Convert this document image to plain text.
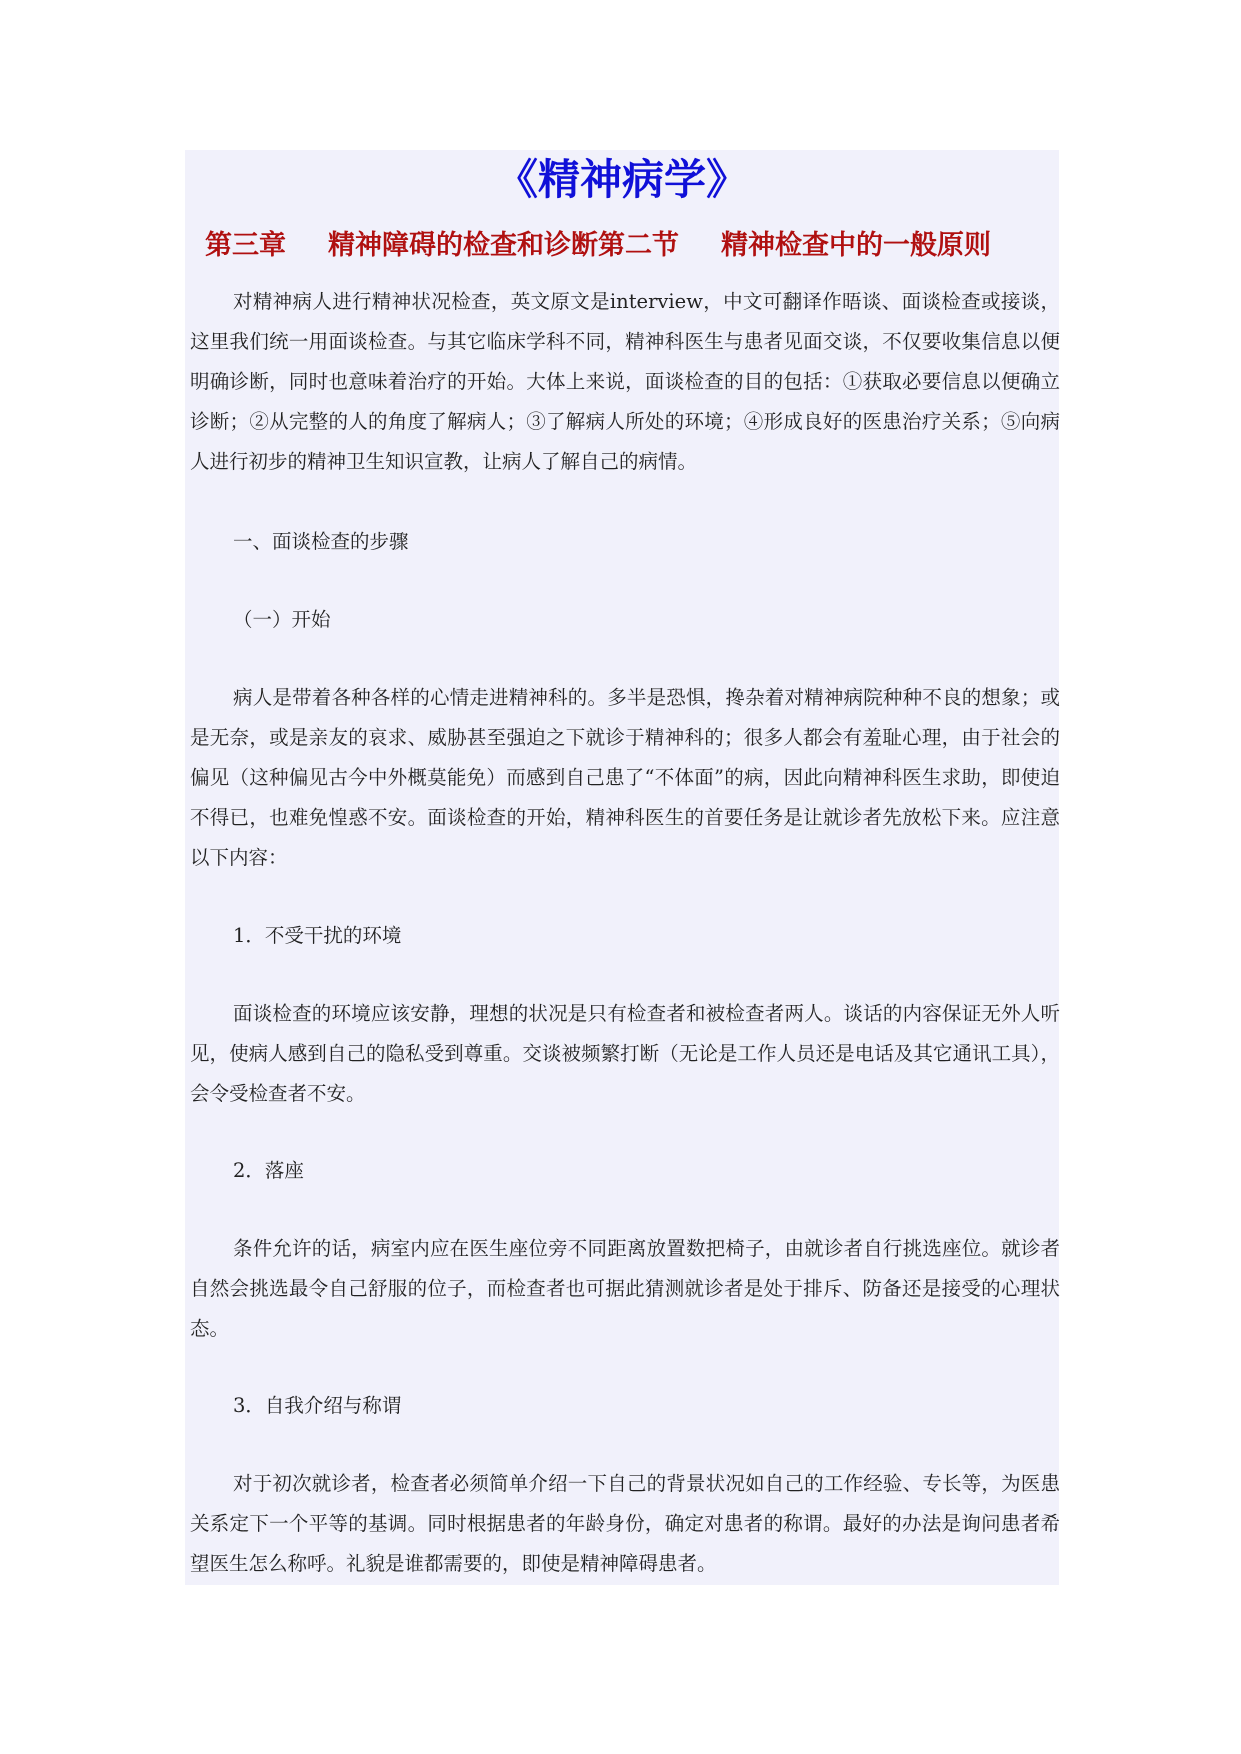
《精神病学》
第三章 精神障碍的检查和诊断第二节 精神检查中的一般原则

对精神病人进行精神状况检查，英文原文是interview，中文可翻译作晤谈、面谈检查或接谈，这里我们统一用面谈检查。与其它临床学科不同，精神科医生与患者见面交谈，不仅要收集信息以便明确诊断，同时也意味着治疗的开始。大体上来说，面谈检查的目的包括：①获取必要信息以便确立诊断；②从完整的人的角度了解病人；③了解病人所处的环境；④形成良好的医患治疗关系；⑤向病人进行初步的精神卫生知识宣教，让病人了解自己的病情。

一、面谈检查的步骤

（一）开始

病人是带着各种各样的心情走进精神科的。多半是恐惧，搀杂着对精神病院种种不良的想象；或是无奈，或是亲友的哀求、威胁甚至强迫之下就诊于精神科的；很多人都会有羞耻心理，由于社会的偏见（这种偏见古今中外概莫能免）而感到自己患了“不体面”的病，因此向精神科医生求助，即使迫不得已，也难免惶惑不安。面谈检查的开始，精神科医生的首要任务是让就诊者先放松下来。应注意以下内容：

1．不受干扰的环境

面谈检查的环境应该安静，理想的状况是只有检查者和被检查者两人。谈话的内容保证无外人听见，使病人感到自己的隐私受到尊重。交谈被频繁打断（无论是工作人员还是电话及其它通讯工具），会令受检查者不安。

2．落座

条件允许的话，病室内应在医生座位旁不同距离放置数把椅子，由就诊者自行挑选座位。就诊者自然会挑选最令自己舒服的位子，而检查者也可据此猜测就诊者是处于排斥、防备还是接受的心理状态。

3．自我介绍与称谓

对于初次就诊者，检查者必须简单介绍一下自己的背景状况如自己的工作经验、专长等，为医患关系定下一个平等的基调。同时根据患者的年龄身份，确定对患者的称谓。最好的办法是询问患者希望医生怎么称呼。礼貌是谁都需要的，即使是精神障碍患者。
